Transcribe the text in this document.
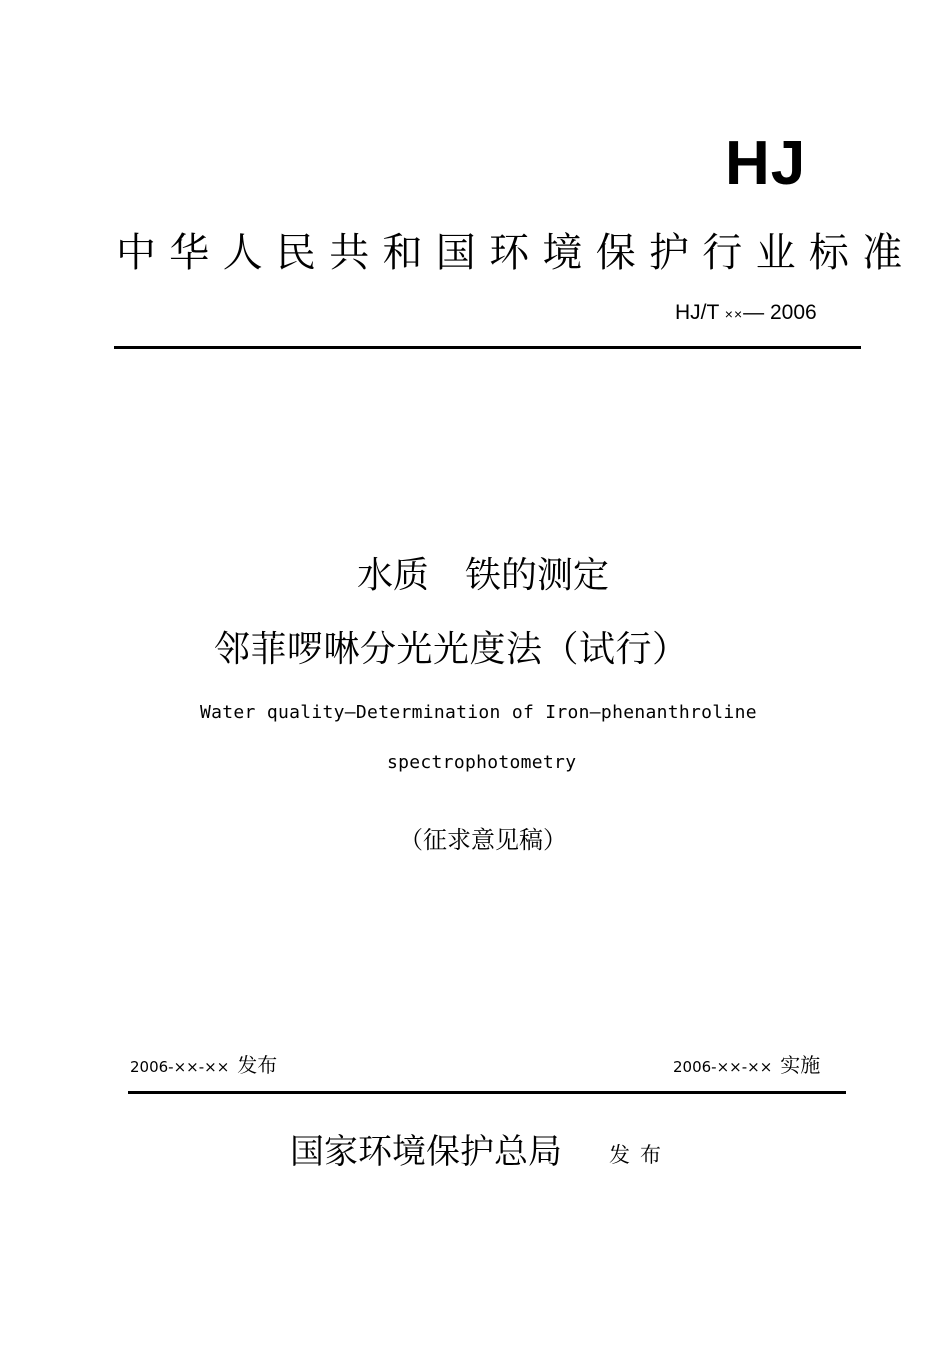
HJ
中华人民共和国环境保护行业标准
HJ/T ××— 2006
水质　铁的测定
邻菲啰啉分光光度法（试行）
Water quality—Determination of Iron—phenanthroline
spectrophotometry
（征求意见稿）
2006-××-×× 发布	2006-××-×× 实施
国家环境保护总局 发布
